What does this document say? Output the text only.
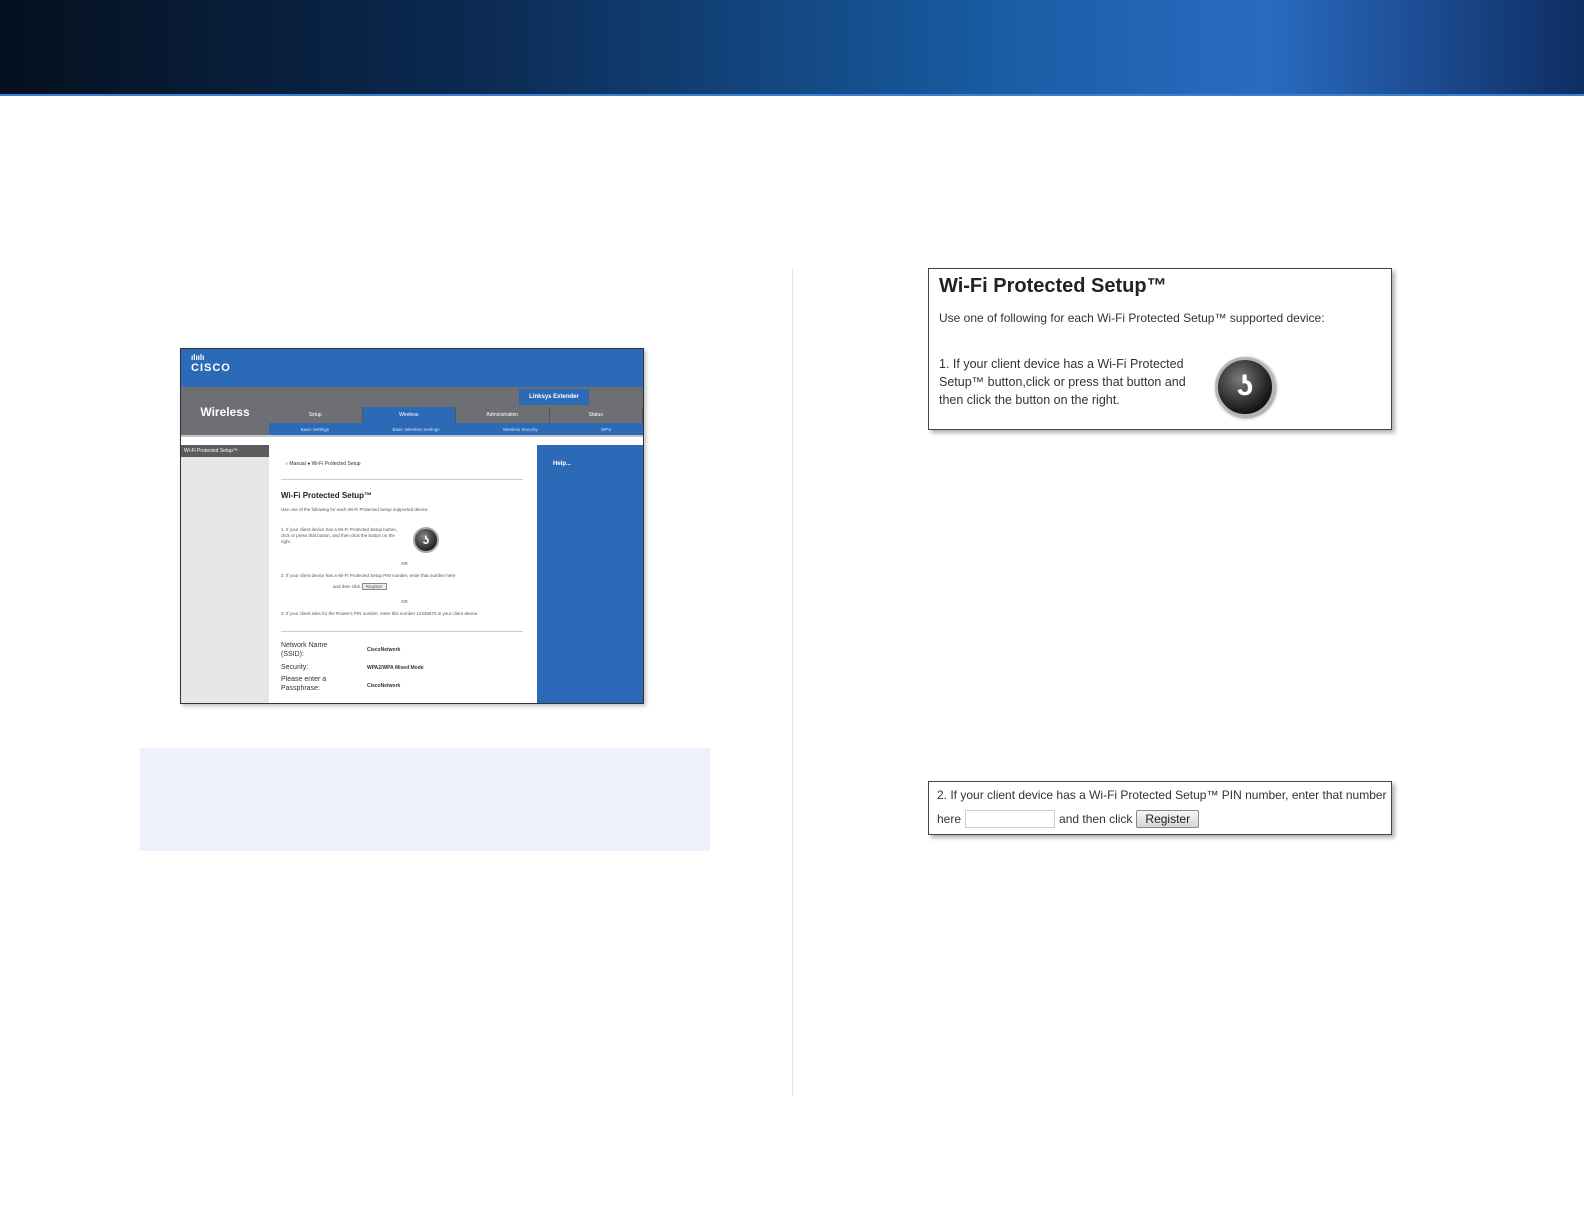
ılıılı
CISCO
Wireless
Linksys Extender
Setup	Wireless	Administration	Status
Basic Settings	Basic Wireless Settings	Wireless Security	WPS
Wi-Fi Protected Setup™
Help...
○ Manual ● Wi-Fi Protected Setup
Wi-Fi Protected Setup™
Use one of the following for each Wi-Fi Protected Setup supported device:
1. If your client device has a Wi-Fi Protected Setup button, click or press that button, and then click the button on the right.	ʖ
OR
2. If your client device has a Wi-Fi Protected Setup PIN number, enter that number here
and then click Register
OR
3. If your client asks for the Router's PIN number, enter this number 12345670 in your client device.
Network Name (SSID):
CiscoNetwork
Security:	WPA2/WPA Mixed Mode
Please enter a Passphrase:	CiscoNetwork
Wi-Fi Protected Setup™
Use one of following for each Wi-Fi Protected Setup™ supported device:
1. If your client device has a Wi-Fi Protected Setup™ button,click or press that button and then click the button on the right.	ʖ
2. If your client device has a Wi-Fi Protected Setup™ PIN number, enter that number
here	and then click	Register
